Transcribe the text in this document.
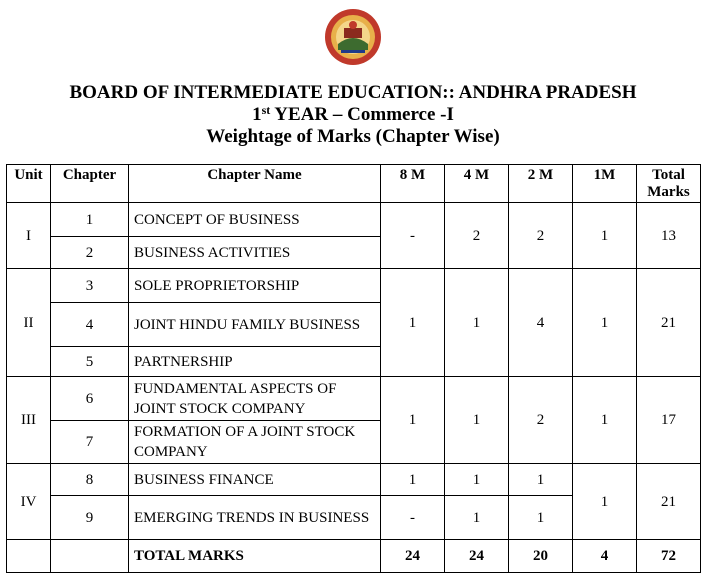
BOARD OF INTERMEDIATE EDUCATION:: ANDHRA PRADESH
1st YEAR – Commerce -I
Weightage of Marks (Chapter Wise)
Unit	Chapter	Chapter Name	8 M	4 M	2 M	1M	Total Marks
I	1	CONCEPT OF BUSINESS	-	2	2	1	13
	2	BUSINESS ACTIVITIES					
II	3	SOLE PROPRIETORSHIP	1	1	4	1	21
	4	JOINT HINDU FAMILY BUSINESS					
	5	PARTNERSHIP					
III	6	FUNDAMENTAL ASPECTS OF JOINT STOCK COMPANY	1	1	2	1	17
	7	FORMATION OF A JOINT STOCK COMPANY					
IV	8	BUSINESS FINANCE	1	1	1	1	21
	9	EMERGING TRENDS IN BUSINESS	-	1	1		
		TOTAL MARKS	24	24	20	4	72
